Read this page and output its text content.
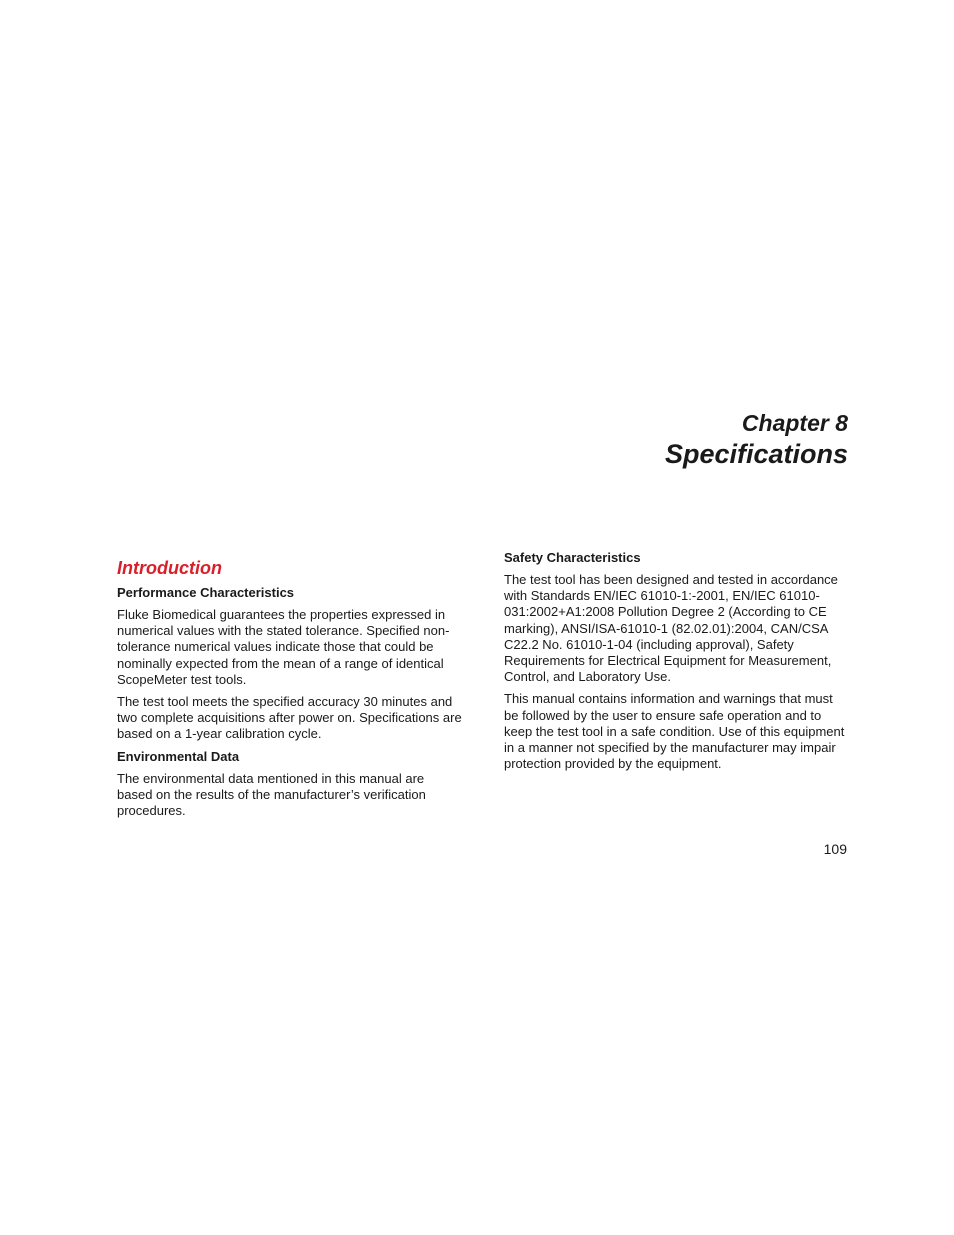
Chapter 8

Specifications

Introduction
Performance Characteristics

Fluke Biomedical guarantees the properties expressed in numerical values with the stated tolerance. Specified non-tolerance numerical values indicate those that could be nominally expected from the mean of a range of identical ScopeMeter test tools.

The test tool meets the specified accuracy 30 minutes and two complete acquisitions after power on. Specifications are based on a 1-year calibration cycle.

Environmental Data

The environmental data mentioned in this manual are based on the results of the manufacturer’s verification procedures.

Safety Characteristics

The test tool has been designed and tested in accordance with Standards EN/IEC 61010-1:-2001, EN/IEC 61010-031:2002+A1:2008 Pollution Degree 2 (According to CE marking), ANSI/ISA-61010-1 (82.02.01):2004, CAN/CSA C22.2 No. 61010-1-04 (including approval), Safety Requirements for Electrical Equipment for Measurement, Control, and Laboratory Use.

This manual contains information and warnings that must be followed by the user to ensure safe operation and to keep the test tool in a safe condition. Use of this equipment in a manner not specified by the manufacturer may impair protection provided by the equipment.

109
